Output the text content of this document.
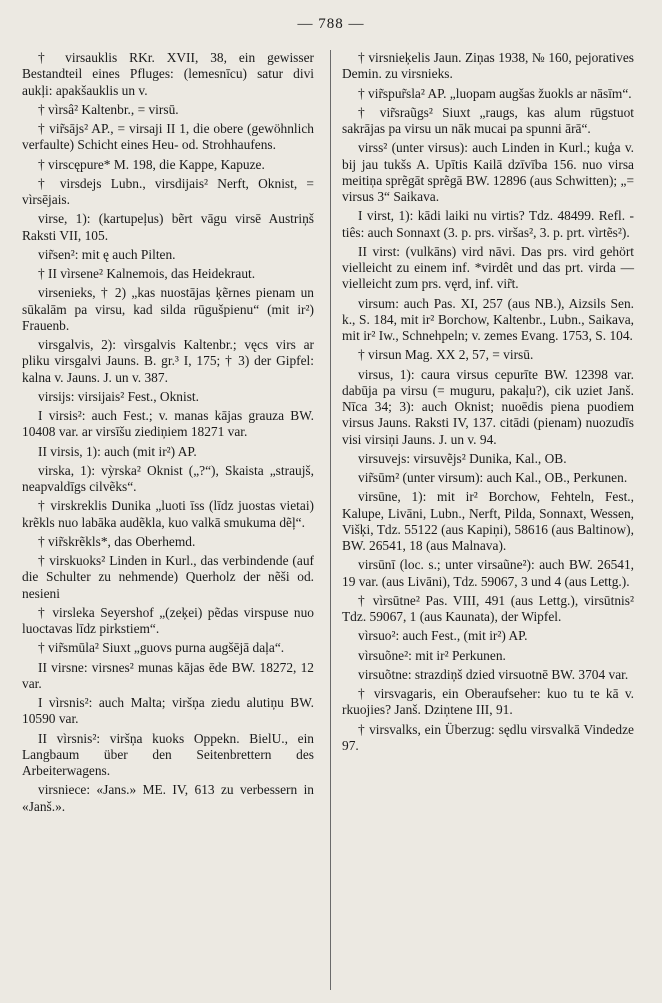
— 788 —

† virsauklis RKr. XVII, 38, ein gewisser Bestandteil eines Pfluges: (lemesnīcu) satur divi aukļi: apakšauklis un v.

† vìrsâ² Kaltenbr., = virsū.

† vir̃sājs² AP., = virsaji II 1, die obere (gewöhnlich verfaulte) Schicht eines Heu- od. Strohhaufens.

† virscępure* M. 198, die Kappe, Kapuze.

† virsdejs Lubn., virsdijais² Nerft, Oknist, = vìrsējais.

virse, 1): (kartupeļus) bẽrt vāgu virsē Austriņš Raksti VII, 105.

vir̃sen²: mit ę auch Pilten.

† II vìrsene² Kalnemois, das Heidekraut.

virsenieks, † 2) „kas nuostājas ķẽrnes pienam un sūkalām pa virsu, kad silda rūgušpienu“ (mit ir²) Frauenb.

virsgalvis, 2): vìrsgalvis Kaltenbr.; vęcs virs ar pliku virsgalvi Jauns. B. gr.³ I, 175; † 3) der Gipfel: kalna v. Jauns. J. un v. 387.

virsijs: virsijais² Fest., Oknist.

I virsis²: auch Fest.; v. manas kājas grauza BW. 10408 var. ar virsīšu ziediņiem 18271 var.

II virsis, 1): auch (mit ir²) AP.

virska, 1): vỳrska² Oknist („?“), Skaista „straujš, neapvaldīgs cilvẽks“.

† virskreklis Dunika „luoti īss (līdz juostas vietai) krẽkls nuo labāka audẽkla, kuo valkā smukuma dẽļ“.

† vir̃skrẽkls*, das Oberhemd.

† virskuoks² Linden in Kurl., das verbindende (auf die Schulter zu nehmende) Querholz der nẽši od. nesieni

† virsleka Seyershof „(zeķei) pẽdas virspuse nuo luoctavas līdz pirkstiem“.

† vir̃smūla² Siuxt „guovs purna augšējā daļa“.

II virsne: virsnes² munas kājas ēde BW. 18272, 12 var.

I vìrsnis²: auch Malta; viršņa ziedu alutiņu BW. 10590 var.

II vìrsnis²: viršņa kuoks Oppekn. BielU., ein Langbaum über den Seitenbrettern des Arbeiterwagens.

virsniece: «Jans.» ME. IV, 613 zu verbessern in «Janš.».

† virsnieķelis Jaun. Ziņas 1938, № 160, pejoratives Demin. zu virsnieks.

† vir̃spur̃sla² AP. „luopam augšas žuokls ar nāsīm“.

† vir̃sraũgs² Siuxt „raugs, kas alum rūgstuot sakrājas pa virsu un nāk mucai pa spunni ārā“.

virss² (unter virsus): auch Linden in Kurl.; kuģa v. bij jau tukšs A. Upītis Kailā dzīvība 156. nuo virsa meitiņa sprẽgāt sprẽgā BW. 12896 (aus Schwitten); „= virsus 3“ Saikava.

I virst, 1): kādi laiki nu virtis? Tdz. 48499. Refl. -tiês: auch Sonnaxt (3. p. prs. viršas², 3. p. prt. vìrtẽs²).

II virst: (vulkāns) vird nāvi. Das prs. vird gehört vielleicht zu einem inf. *virdêt und das prt. virda — vielleicht zum prs. vęrd, inf. vir̃t.

virsum: auch Pas. XI, 257 (aus NB.), Aizsils Sen. k., S. 184, mit ir² Borchow, Kaltenbr., Lubn., Saikava, mit ir² Iw., Schnehpeln; v. zemes Evang. 1753, S. 104.

† virsun Mag. XX 2, 57, = virsū.

virsus, 1): caura virsus cepurīte BW. 12398 var. dabūja pa virsu (= muguru, pakaļu?), cik uziet Janš. Nīca 34; 3): auch Oknist; nuoēdis piena puodiem virsus Jauns. Raksti IV, 137. citādi (pienam) nuozudīs visi virsiņi Jauns. J. un v. 94.

virsuvejs: virsuvẽjs² Dunika, Kal., OB.

vir̃sūm² (unter virsum): auch Kal., OB., Perkunen.

virsūne, 1): mit ir² Borchow, Fehteln, Fest., Kalupe, Livāni, Lubn., Nerft, Pilda, Sonnaxt, Wessen, Višķi, Tdz. 55122 (aus Kapiņi), 58616 (aus Baltinow), BW. 26541, 18 (aus Malnava).

virsūnī (loc. s.; unter virsaũne²): auch BW. 26541, 19 var. (aus Livāni), Tdz. 59067, 3 und 4 (aus Lettg.).

† vìrsūtne² Pas. VIII, 491 (aus Lettg.), virsūtnis² Tdz. 59067, 1 (aus Kaunata), der Wipfel.

vìrsuo²: auch Fest., (mit ir²) AP.

vìrsuõne²: mit ir² Perkunen.

virsuõtne: strazdiņš dzied virsuotnē BW. 3704 var.

† virsvagaris, ein Oberaufseher: kuo tu te kā v. rkuojies? Janš. Dziņtene III, 91.

† virsvalks, ein Überzug: sędlu virsvalkā Vindedze 97.
